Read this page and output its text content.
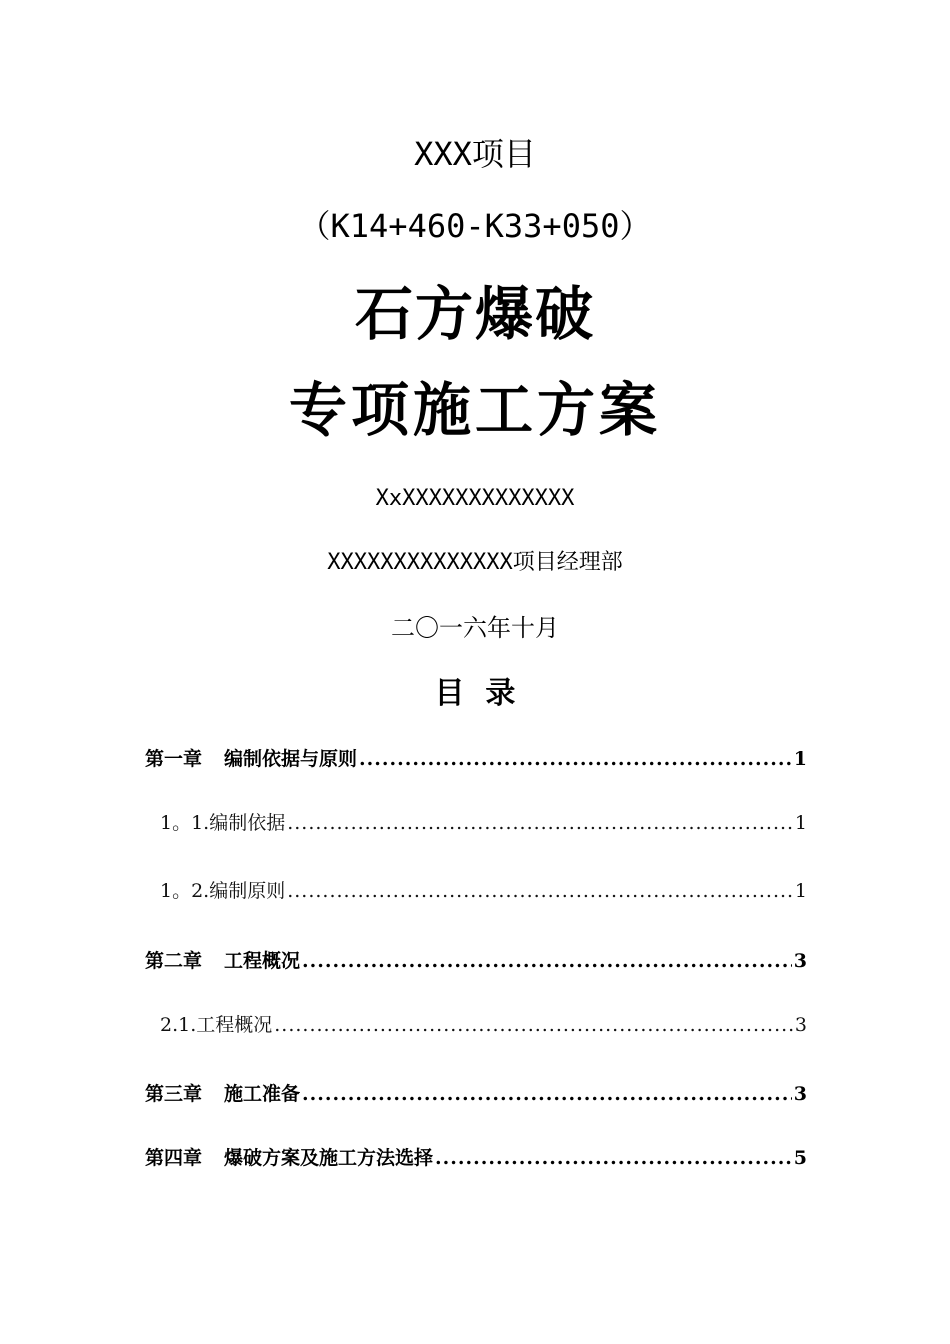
XXX项目
（K14+460-K33+050）
石方爆破
专项施工方案
XxXXXXXXXXXXXXX
XXXXXXXXXXXXXX项目经理部
二〇一六年十月
目  录
第一章 编制依据与原则 .....	1
1。1.编制依据 .....	1
1。2.编制原则 .....	1
第二章 工程概况 .....	3
2.1.工程概况 .....	3
第三章 施工准备 .....	3
第四章 爆破方案及施工方法选择 .....	5
